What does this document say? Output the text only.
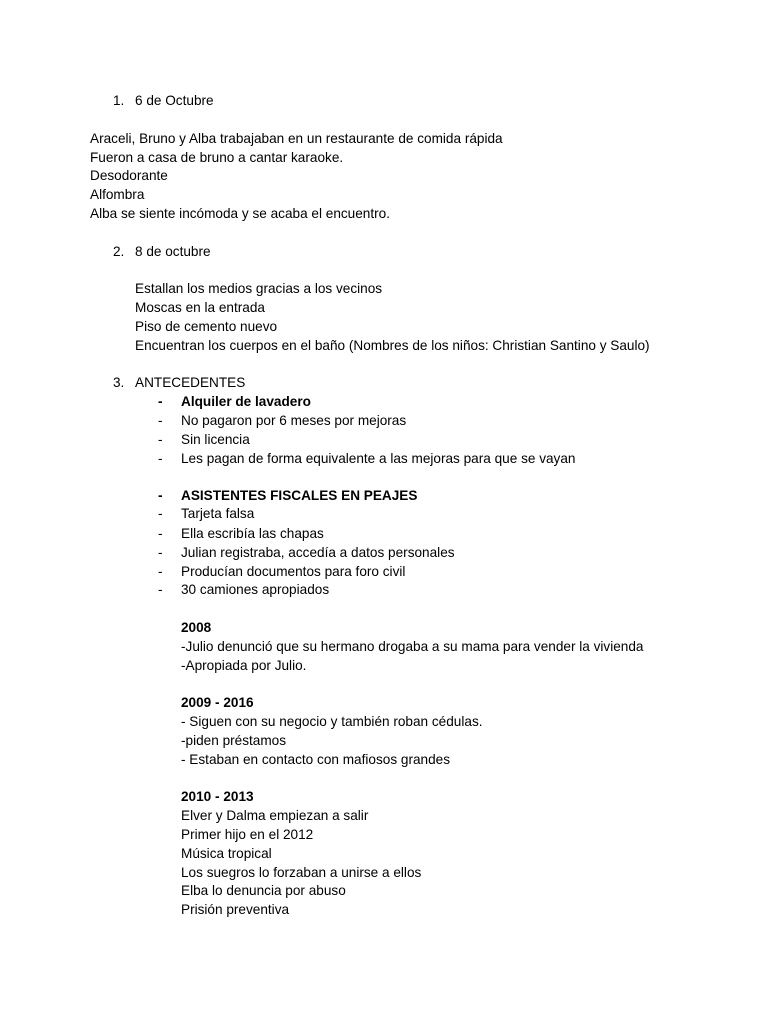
1. 6 de Octubre
Araceli, Bruno y Alba trabajaban en un restaurante de comida rápida
Fueron a casa de bruno a cantar karaoke.
Desodorante
Alfombra
Alba se siente incómoda y se acaba el encuentro.
2. 8 de octubre
Estallan los medios gracias a los vecinos
Moscas en la entrada
Piso de cemento nuevo
Encuentran los cuerpos en el baño (Nombres de los niños: Christian Santino y Saulo)
3. ANTECEDENTES
- Alquiler de lavadero
- No pagaron por 6 meses por mejoras
- Sin licencia
- Les pagan de forma equivalente a las mejoras para que se vayan
- ASISTENTES FISCALES EN PEAJES
- Tarjeta falsa
- Ella escribía las chapas
- Julian registraba, accedía a datos personales
- Producían documentos para foro civil
- 30 camiones apropiados
2008
-Julio denunció que su hermano drogaba a su mama para vender la vivienda
-Apropiada por Julio.
2009 - 2016
- Siguen con su negocio y también roban cédulas.
-piden préstamos
- Estaban en contacto con mafiosos grandes
2010 - 2013
Elver y Dalma empiezan a salir
Primer hijo en el 2012
Música tropical
Los suegros lo forzaban a unirse a ellos
Elba lo denuncia por abuso
Prisión preventiva
